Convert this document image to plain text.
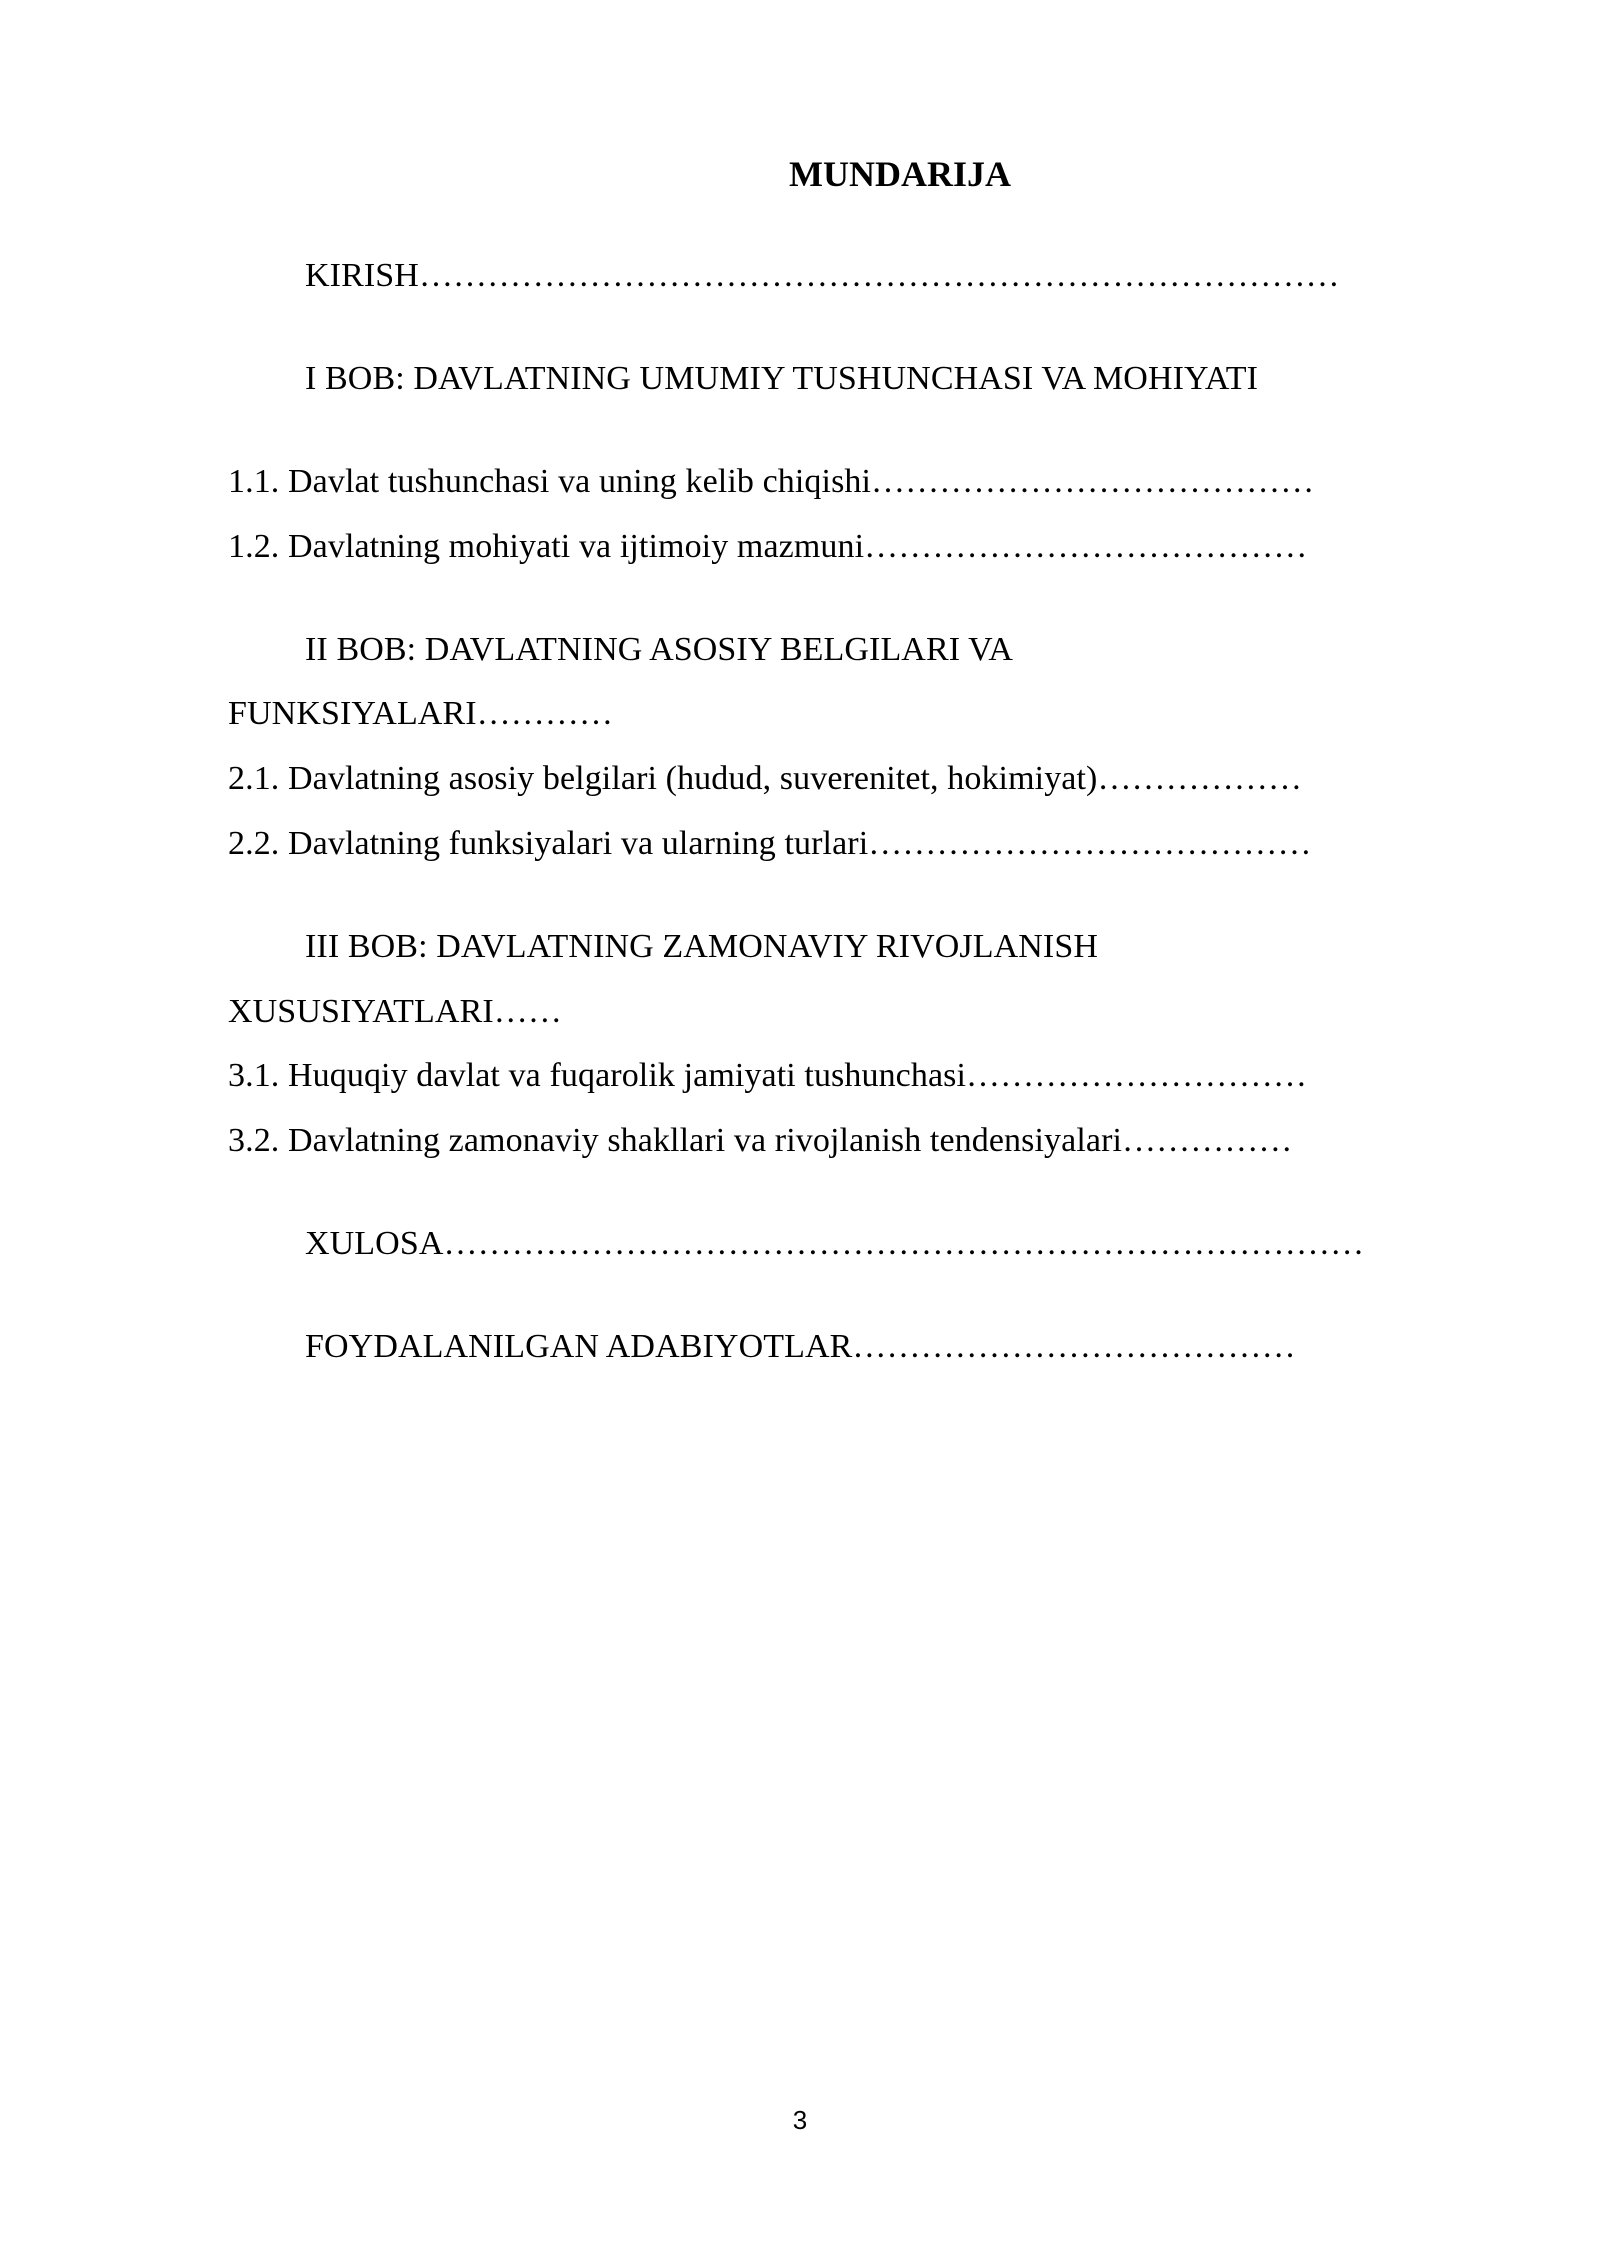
MUNDARIJA
KIRISH………………………………………………………………………
I BOB: DAVLATNING UMUMIY TUSHUNCHASI VA MOHIYATI
1.1. Davlat tushunchasi va uning kelib chiqishi…………………………………
1.2. Davlatning mohiyati va ijtimoiy mazmuni…………………………………
II BOB: DAVLATNING ASOSIY BELGILARI VA
FUNKSIYALARI…………
2.1. Davlatning asosiy belgilari (hudud, suverenitet, hokimiyat)………………
2.2. Davlatning funksiyalari va ularning turlari…………………………………
III BOB: DAVLATNING ZAMONAVIY RIVOJLANISH
XUSUSIYATLARI……
3.1. Huquqiy davlat va fuqarolik jamiyati tushunchasi…………………………
3.2. Davlatning zamonaviy shakllari va rivojlanish tendensiyalari……………
XULOSA………………………………………………………………………
FOYDALANILGAN ADABIYOTLAR…………………………………
3
